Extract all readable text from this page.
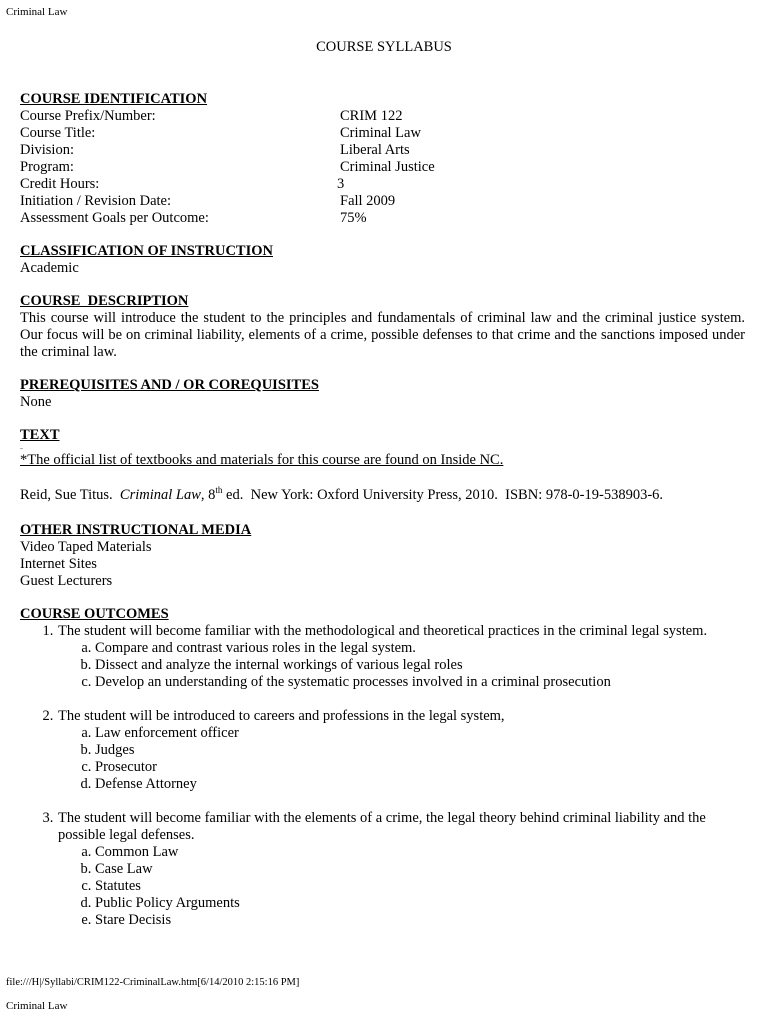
Criminal Law
COURSE SYLLABUS
COURSE IDENTIFICATION
Course Prefix/Number:	CRIM 122
Course Title:	Criminal Law
Division:	Liberal Arts
Program:	Criminal Justice
Credit Hours:	3
Initiation / Revision Date:	Fall 2009
Assessment Goals per Outcome:	75%
CLASSIFICATION OF INSTRUCTION
Academic
COURSE  DESCRIPTION

This course will introduce the student to the principles and fundamentals of criminal law and the criminal justice system. Our focus will be on criminal liability, elements of a crime, possible defenses to that crime and the sanctions imposed under the criminal law.

PREREQUISITES AND / OR COREQUISITES
None
TEXT
_
*The official list of textbooks and materials for this course are found on Inside NC.
Reid, Sue Titus. Criminal Law, 8th ed.  New York: Oxford University Press, 2010.  ISBN: 978-0-19-538903-6.
OTHER INSTRUCTIONAL MEDIA
Video Taped Materials
Internet Sites
Guest Lecturers
COURSE OUTCOMES
1. The student will become familiar with the methodological and theoretical practices in the criminal legal system.
a. Compare and contrast various roles in the legal system.
b. Dissect and analyze the internal workings of various legal roles
c. Develop an understanding of the systematic processes involved in a criminal prosecution
2. The student will be introduced to careers and professions in the legal system,
a. Law enforcement officer
b. Judges
c. Prosecutor
d. Defense Attorney
3. The student will become familiar with the elements of a crime, the legal theory behind criminal liability and the possible legal defenses.
a. Common Law
b. Case Law
c. Statutes
d. Public Policy Arguments
e. Stare Decisis
file:///H|/Syllabi/CRIM122-CriminalLaw.htm[6/14/2010 2:15:16 PM]
Criminal Law
